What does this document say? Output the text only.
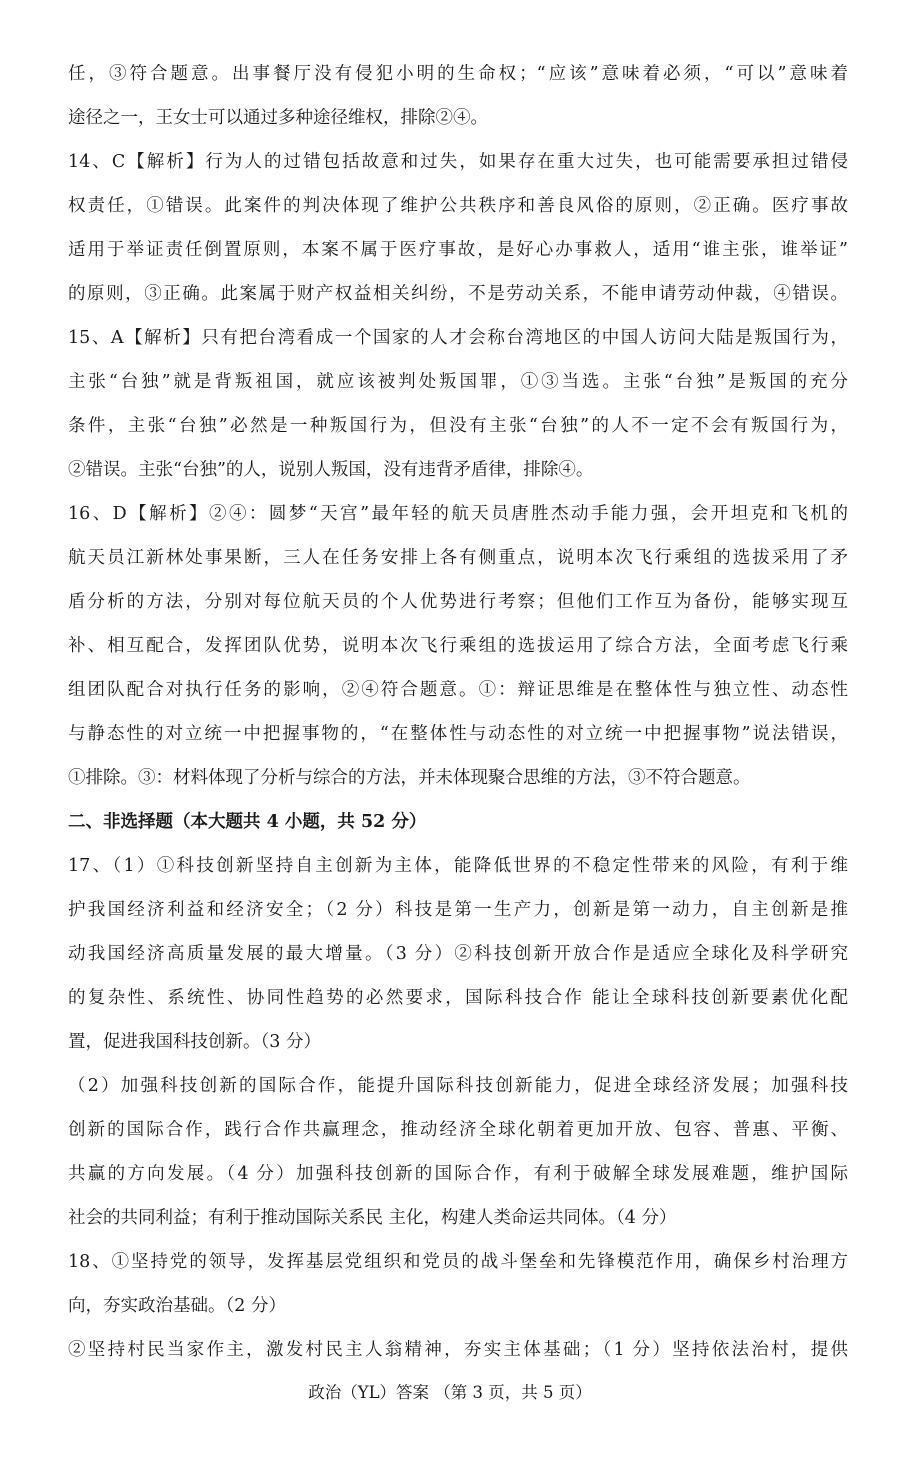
任，③符合题意。出事餐厅没有侵犯小明的生命权；“应该”意味着必须，“可以”意味着
途径之一，王女士可以通过多种途径维权，排除②④。
14、C【解析】行为人的过错包括故意和过失，如果存在重大过失，也可能需要承担过错侵
权责任，①错误。此案件的判决体现了维护公共秩序和善良风俗的原则，②正确。医疗事故
适用于举证责任倒置原则，本案不属于医疗事故，是好心办事救人，适用“谁主张，谁举证”
的原则，③正确。此案属于财产权益相关纠纷，不是劳动关系，不能申请劳动仲裁，④错误。
15、A【解析】只有把台湾看成一个国家的人才会称台湾地区的中国人访问大陆是叛国行为，
主张“台独”就是背叛祖国，就应该被判处叛国罪，①③当选。主张“台独”是叛国的充分
条件，主张“台独”必然是一种叛国行为，但没有主张“台独”的人不一定不会有叛国行为，
②错误。主张“台独”的人，说别人叛国，没有违背矛盾律，排除④。
16、D【解析】②④：圆梦“天宫”最年轻的航天员唐胜杰动手能力强，会开坦克和飞机的
航天员江新林处事果断，三人在任务安排上各有侧重点，说明本次飞行乘组的选拔采用了矛
盾分析的方法，分别对每位航天员的个人优势进行考察；但他们工作互为备份，能够实现互
补、相互配合，发挥团队优势，说明本次飞行乘组的选拔运用了综合方法，全面考虑飞行乘
组团队配合对执行任务的影响，②④符合题意。①：辩证思维是在整体性与独立性、动态性
与静态性的对立统一中把握事物的，“在整体性与动态性的对立统一中把握事物”说法错误，
①排除。③：材料体现了分析与综合的方法，并未体现聚合思维的方法，③不符合题意。
二、非选择题（本大题共 4 小题，共 52 分）
17、（1）①科技创新坚持自主创新为主体，能降低世界的不稳定性带来的风险，有利于维
护我国经济利益和经济安全；（2 分）科技是第一生产力，创新是第一动力，自主创新是推
动我国经济高质量发展的最大增量。（3 分）②科技创新开放合作是适应全球化及科学研究
的复杂性、系统性、协同性趋势的必然要求，国际科技合作 能让全球科技创新要素优化配
置，促进我国科技创新。（3 分）
（2）加强科技创新的国际合作，能提升国际科技创新能力，促进全球经济发展；加强科技
创新的国际合作，践行合作共赢理念，推动经济全球化朝着更加开放、包容、普惠、平衡、
共赢的方向发展。（4 分）加强科技创新的国际合作，有利于破解全球发展难题，维护国际
社会的共同利益；有利于推动国际关系民 主化，构建人类命运共同体。（4 分）
18、①坚持党的领导，发挥基层党组织和党员的战斗堡垒和先锋模范作用，确保乡村治理方
向，夯实政治基础。（2 分）
②坚持村民当家作主，激发村民主人翁精神，夯实主体基础；（1 分）坚持依法治村，提供
政治（YL）答案 （第 3 页，共 5 页）
